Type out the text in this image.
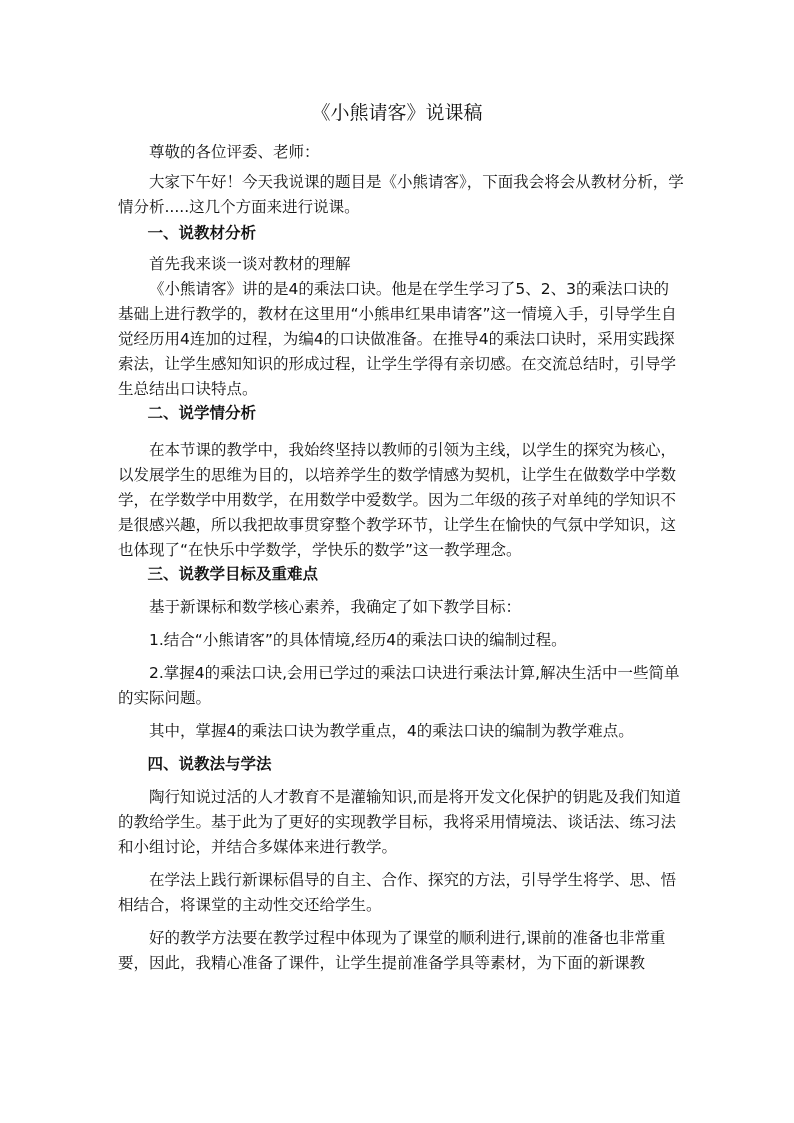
《小熊请客》说课稿

尊敬的各位评委、老师：

大家下午好！今天我说课的题目是《小熊请客》，下面我会将会从教材分析，学情分析.....这几个方面来进行说课。

一、说教材分析

首先我来谈一谈对教材的理解

《小熊请客》讲的是4的乘法口诀。他是在学生学习了5、2、3的乘法口诀的基础上进行教学的，教材在这里用“小熊串红果串请客”这一情境入手，引导学生自觉经历用4连加的过程，为编4的口诀做准备。在推导4的乘法口诀时，采用实践探索法，让学生感知知识的形成过程，让学生学得有亲切感。在交流总结时，引导学生总结出口诀特点。

二、说学情分析

在本节课的教学中，我始终坚持以教师的引领为主线，以学生的探究为核心，以发展学生的思维为目的，以培养学生的数学情感为契机，让学生在做数学中学数学，在学数学中用数学，在用数学中爱数学。因为二年级的孩子对单纯的学知识不是很感兴趣，所以我把故事贯穿整个教学环节，让学生在愉快的气氛中学知识，这也体现了“在快乐中学数学，学快乐的数学”这一教学理念。

三、说教学目标及重难点

基于新课标和数学核心素养，我确定了如下教学目标：

1.结合“小熊请客”的具体情境,经历4的乘法口诀的编制过程。

2.掌握4的乘法口诀,会用已学过的乘法口诀进行乘法计算,解决生活中一些简单的实际问题。

其中，掌握4的乘法口诀为教学重点，4的乘法口诀的编制为教学难点。

四、说教法与学法

陶行知说过活的人才教育不是灌输知识,而是将开发文化保护的钥匙及我们知道的教给学生。基于此为了更好的实现教学目标，我将采用情境法、谈话法、练习法和小组讨论，并结合多媒体来进行教学。

在学法上践行新课标倡导的自主、合作、探究的方法，引导学生将学、思、悟相结合，将课堂的主动性交还给学生。

好的教学方法要在教学过程中体现为了课堂的顺利进行,课前的准备也非常重要，因此，我精心准备了课件，让学生提前准备学具等素材，为下面的新课教
